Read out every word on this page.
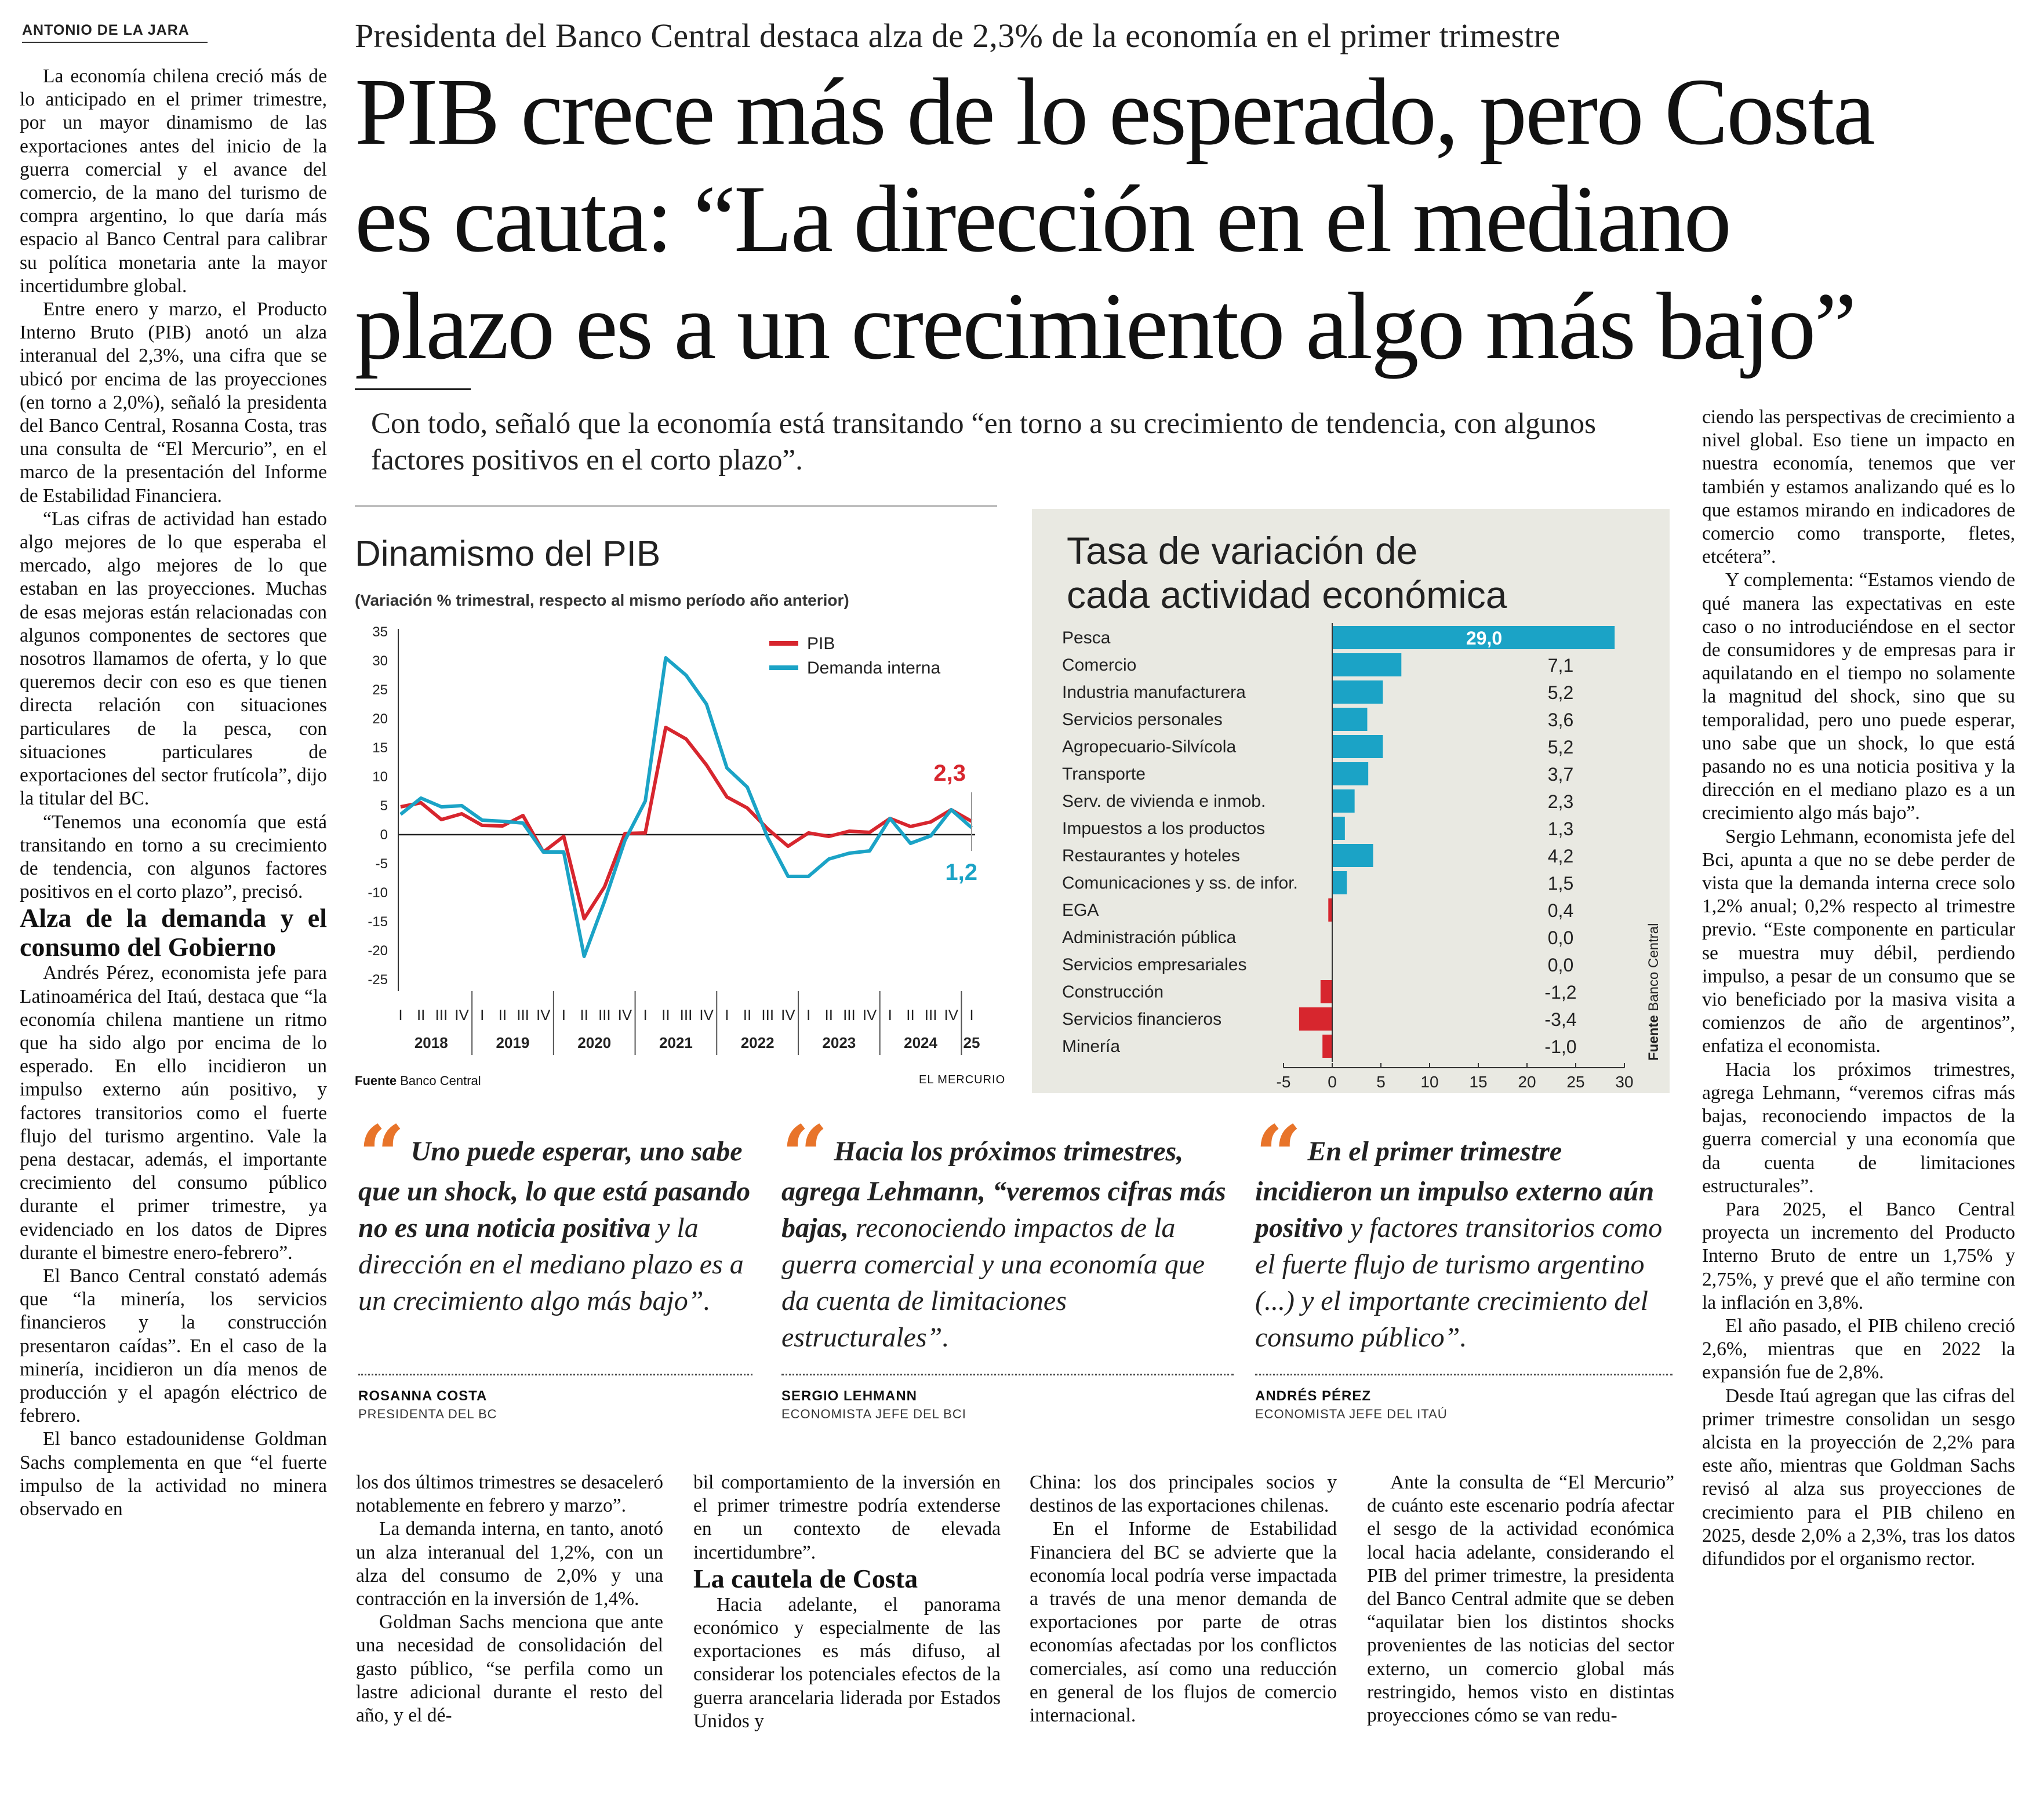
ANTONIO DE LA JARA

La economía chilena creció más de lo anticipado en el primer trimestre, por un mayor dinamismo de las exportaciones antes del inicio de la guerra comercial y el avance del comercio, de la mano del turismo de compra argentino, lo que daría más espacio al Banco Central para calibrar su política monetaria ante la mayor incertidumbre global.

Entre enero y marzo, el Producto Interno Bruto (PIB) anotó un alza interanual del 2,3%, una cifra que se ubicó por encima de las proyecciones (en torno a 2,0%), señaló la presidenta del Banco Central, Rosanna Costa, tras una consulta de “El Mercurio”, en el marco de la presentación del Informe de Estabilidad Financiera.

“Las cifras de actividad han estado algo mejores de lo que esperaba el mercado, algo mejores de lo que estaban en las proyecciones. Muchas de esas mejoras están relacionadas con algunos componentes de sectores que nosotros llamamos de oferta, y lo que queremos decir con eso es que tienen directa relación con situaciones particulares de la pesca, con situaciones particulares de exportaciones del sector frutícola”, dijo la titular del BC.

“Tenemos una economía que está transitando en torno a su crecimiento de tendencia, con algunos factores positivos en el corto plazo”, precisó.

Alza de la demanda y el consumo del Gobierno

Andrés Pérez, economista jefe para Latinoamérica del Itaú, destaca que “la economía chilena mantiene un ritmo que ha sido algo por encima de lo esperado. En ello incidieron un impulso externo aún positivo, y factores transitorios como el fuerte flujo del turismo argentino. Vale la pena destacar, además, el importante crecimiento del consumo público durante el primer trimestre, ya evidenciado en los datos de Dipres durante el bimestre enero-febrero”.

El Banco Central constató además que “la minería, los servicios financieros y la construcción presentaron caídas”. En el caso de la minería, incidieron un día menos de producción y el apagón eléctrico de febrero.

El banco estadounidense Goldman Sachs complementa en que “el fuerte impulso de la actividad no minera observado en

Presidenta del Banco Central destaca alza de 2,3% de la economía en el primer trimestre
PIB crece más de lo esperado, pero Costa
es cauta: “La dirección en el mediano
plazo es a un crecimiento algo más bajo”
Con todo, señaló que la economía está transitando “en torno a su crecimiento de tendencia, con algunos factores positivos en el corto plazo”.
Dinamismo del PIB
(Variación % trimestral, respecto al mismo período año anterior)
35
30
25
20
15
10
5
0
-5
-10
-15
-20
-25
I II III IV
2018
I II III IV
2019
I II III IV
2020
I II III IV
2021
I II III IV
2022
I II III IV
2023
I II III IV
2024
I
25
2,3
1,2
PIB
Demanda interna
Fuente Banco Central	EL MERCURIO
Tasa de variación de
cada actividad económica
Pesca	29,0
Comercio	7,1
Industria manufacturera	5,2
Servicios personales	3,6
Agropecuario-Silvícola	5,2
Transporte	3,7
Serv. de vivienda e inmob.	2,3
Impuestos a los productos	1,3
Restaurantes y hoteles	4,2
Comunicaciones y ss. de infor.	1,5
EGA	0,4
Administración pública	0,0
Servicios empresariales	0,0
Construcción	-1,2
Servicios financieros	-3,4
Minería	-1,0
-5 0 5 10 15 20 25 30
Fuente Banco Central
“ Uno puede esperar, uno sabe que un shock, lo que está pasando no es una noticia positiva y la dirección en el mediano plazo es a un crecimiento algo más bajo”.
ROSANNA COSTA
PRESIDENTA DEL BC
“ Hacia los próximos trimestres, agrega Lehmann, “veremos cifras más bajas, reconociendo impactos de la guerra comercial y una economía que da cuenta de limitaciones estructurales”.
SERGIO LEHMANN
ECONOMISTA JEFE DEL BCI
“ En el primer trimestre incidieron un impulso externo aún positivo y factores transitorios como el fuerte flujo de turismo argentino (...) y el importante crecimiento del consumo público”.
ANDRÉS PÉREZ
ECONOMISTA JEFE DEL ITAÚ

los dos últimos trimestres se desaceleró notablemente en febrero y marzo”.

La demanda interna, en tanto, anotó un alza interanual del 1,2%, con un alza del consumo de 2,0% y una contracción en la inversión de 1,4%.

Goldman Sachs menciona que ante una necesidad de consolidación del gasto público, “se perfila como un lastre adicional durante el resto del año, y el dé-

bil comportamiento de la inversión en el primer trimestre podría extenderse en un contexto de elevada incertidumbre”.

La cautela de Costa

Hacia adelante, el panorama económico y especialmente de las exportaciones es más difuso, al considerar los potenciales efectos de la guerra arancelaria liderada por Estados Unidos y

China: los dos principales socios y destinos de las exportaciones chilenas.

En el Informe de Estabilidad Financiera del BC se advierte que la economía local podría verse impactada a través de una menor demanda de exportaciones por parte de otras economías afectadas por los conflictos comerciales, así como una reducción en general de los flujos de comercio internacional.

Ante la consulta de “El Mercurio” de cuánto este escenario podría afectar el sesgo de la actividad económica local hacia adelante, considerando el PIB del primer trimestre, la presidenta del Banco Central admite que se deben “aquilatar bien los distintos shocks provenientes de las noticias del sector externo, un comercio global más restringido, hemos visto en distintas proyecciones cómo se van redu-

ciendo las perspectivas de crecimiento a nivel global. Eso tiene un impacto en nuestra economía, tenemos que ver también y estamos analizando qué es lo que estamos mirando en indicadores de comercio como transporte, fletes, etcétera”.

Y complementa: “Estamos viendo de qué manera las expectativas en este caso o no introduciéndose en el sector de consumidores y de empresas para ir aquilatando en el tiempo no solamente la magnitud del shock, sino que su temporalidad, pero uno puede esperar, uno sabe que un shock, lo que está pasando no es una noticia positiva y la dirección en el mediano plazo es a un crecimiento algo más bajo”.

Sergio Lehmann, economista jefe del Bci, apunta a que no se debe perder de vista que la demanda interna crece solo 1,2% anual; 0,2% respecto al trimestre previo. “Este componente en particular se muestra muy débil, perdiendo impulso, a pesar de un consumo que se vio beneficiado por la masiva visita a comienzos de año de argentinos”, enfatiza el economista.

Hacia los próximos trimestres, agrega Lehmann, “veremos cifras más bajas, reconociendo impactos de la guerra comercial y una economía que da cuenta de limitaciones estructurales”.

Para 2025, el Banco Central proyecta un incremento del Producto Interno Bruto de entre un 1,75% y 2,75%, y prevé que el año termine con la inflación en 3,8%.

El año pasado, el PIB chileno creció 2,6%, mientras que en 2022 la expansión fue de 2,8%.

Desde Itaú agregan que las cifras del primer trimestre consolidan un sesgo alcista en la proyección de 2,2% para este año, mientras que Goldman Sachs revisó al alza sus proyecciones de crecimiento para el PIB chileno en 2025, desde 2,0% a 2,3%, tras los datos difundidos por el organismo rector.
